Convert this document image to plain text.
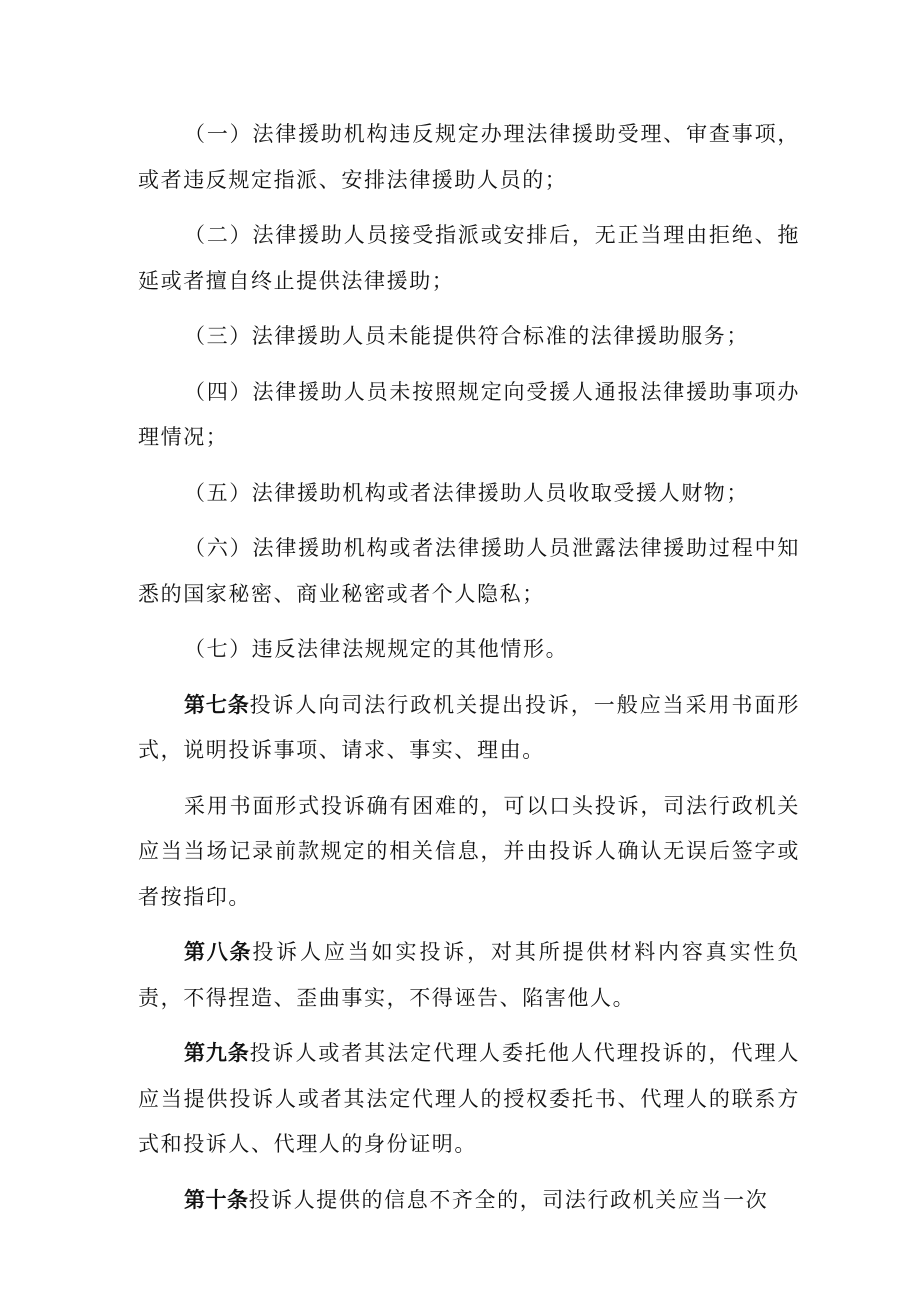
（一）法律援助机构违反规定办理法律援助受理、审查事项，或者违反规定指派、安排法律援助人员的；

（二）法律援助人员接受指派或安排后，无正当理由拒绝、拖延或者擅自终止提供法律援助；

（三）法律援助人员未能提供符合标准的法律援助服务；

（四）法律援助人员未按照规定向受援人通报法律援助事项办理情况；

（五）法律援助机构或者法律援助人员收取受援人财物；

（六）法律援助机构或者法律援助人员泄露法律援助过程中知悉的国家秘密、商业秘密或者个人隐私；

（七）违反法律法规规定的其他情形。

第七条投诉人向司法行政机关提出投诉，一般应当采用书面形式，说明投诉事项、请求、事实、理由。

采用书面形式投诉确有困难的，可以口头投诉，司法行政机关应当当场记录前款规定的相关信息，并由投诉人确认无误后签字或者按指印。

第八条投诉人应当如实投诉，对其所提供材料内容真实性负责，不得捏造、歪曲事实，不得诬告、陷害他人。

第九条投诉人或者其法定代理人委托他人代理投诉的，代理人应当提供投诉人或者其法定代理人的授权委托书、代理人的联系方式和投诉人、代理人的身份证明。

第十条投诉人提供的信息不齐全的，司法行政机关应当一次
